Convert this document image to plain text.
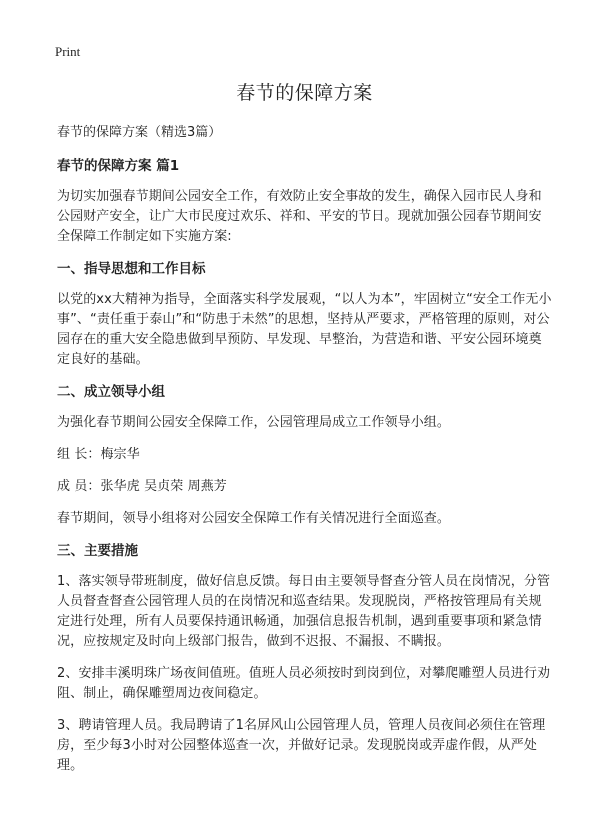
Print
春节的保障方案

春节的保障方案（精选3篇）

春节的保障方案 篇1

为切实加强春节期间公园安全工作，有效防止安全事故的发生，确保入园市民人身和公园财产安全，让广大市民度过欢乐、祥和、平安的节日。现就加强公园春节期间安全保障工作制定如下实施方案:

一、指导思想和工作目标

以党的xx大精神为指导，全面落实科学发展观，“以人为本”，牢固树立“安全工作无小事”、“责任重于泰山”和“防患于未然”的思想，坚持从严要求，严格管理的原则，对公园存在的重大安全隐患做到早预防、早发现、早整治，为营造和谐、平安公园环境奠定良好的基础。

二、成立领导小组

为强化春节期间公园安全保障工作，公园管理局成立工作领导小组。

组 长：梅宗华

成 员：张华虎 吴贞荣 周燕芳

春节期间，领导小组将对公园安全保障工作有关情况进行全面巡查。

三、主要措施

1、落实领导带班制度，做好信息反馈。每日由主要领导督查分管人员在岗情况，分管人员督查督查公园管理人员的在岗情况和巡查结果。发现脱岗，严格按管理局有关规定进行处理，所有人员要保持通讯畅通，加强信息报告机制，遇到重要事项和紧急情况，应按规定及时向上级部门报告，做到不迟报、不漏报、不瞒报。

2、安排丰溪明珠广场夜间值班。值班人员必须按时到岗到位，对攀爬雕塑人员进行劝阻、制止，确保雕塑周边夜间稳定。

3、聘请管理人员。我局聘请了1名屏风山公园管理人员，管理人员夜间必须住在管理房，至少每3小时对公园整体巡查一次，并做好记录。发现脱岗或弄虚作假，从严处理。
